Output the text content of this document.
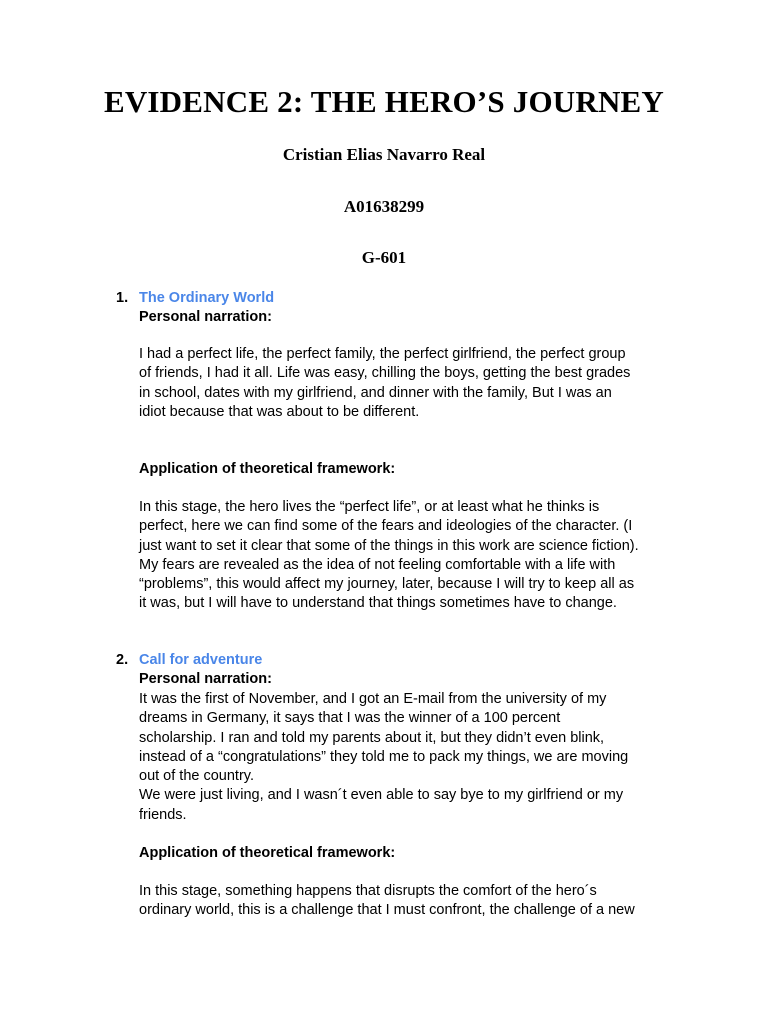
EVIDENCE 2: THE HERO’S JOURNEY

Cristian Elias Navarro Real

A01638299

G-601

1. The Ordinary World
Personal narration:

I had a perfect life, the perfect family, the perfect girlfriend, the perfect group
of friends, I had it all. Life was easy, chilling the boys, getting the best grades
in school, dates with my girlfriend, and dinner with the family, But I was an
idiot because that was about to be different.

Application of theoretical framework:

In this stage, the hero lives the “perfect life”, or at least what he thinks is
perfect, here we can find some of the fears and ideologies of the character. (I
just want to set it clear that some of the things in this work are science fiction).
My fears are revealed as the idea of not feeling comfortable with a life with
“problems”, this would affect my journey, later, because I will try to keep all as
it was, but I will have to understand that things sometimes have to change.

2. Call for adventure
Personal narration:

It was the first of November, and I got an E-mail from the university of my
dreams in Germany, it says that I was the winner of a 100 percent
scholarship. I ran and told my parents about it, but they didn’t even blink,
instead of a “congratulations” they told me to pack my things, we are moving
out of the country.
We were just living, and I wasn´t even able to say bye to my girlfriend or my
friends.

Application of theoretical framework:

In this stage, something happens that disrupts the comfort of the hero´s
ordinary world, this is a challenge that I must confront, the challenge of a new
